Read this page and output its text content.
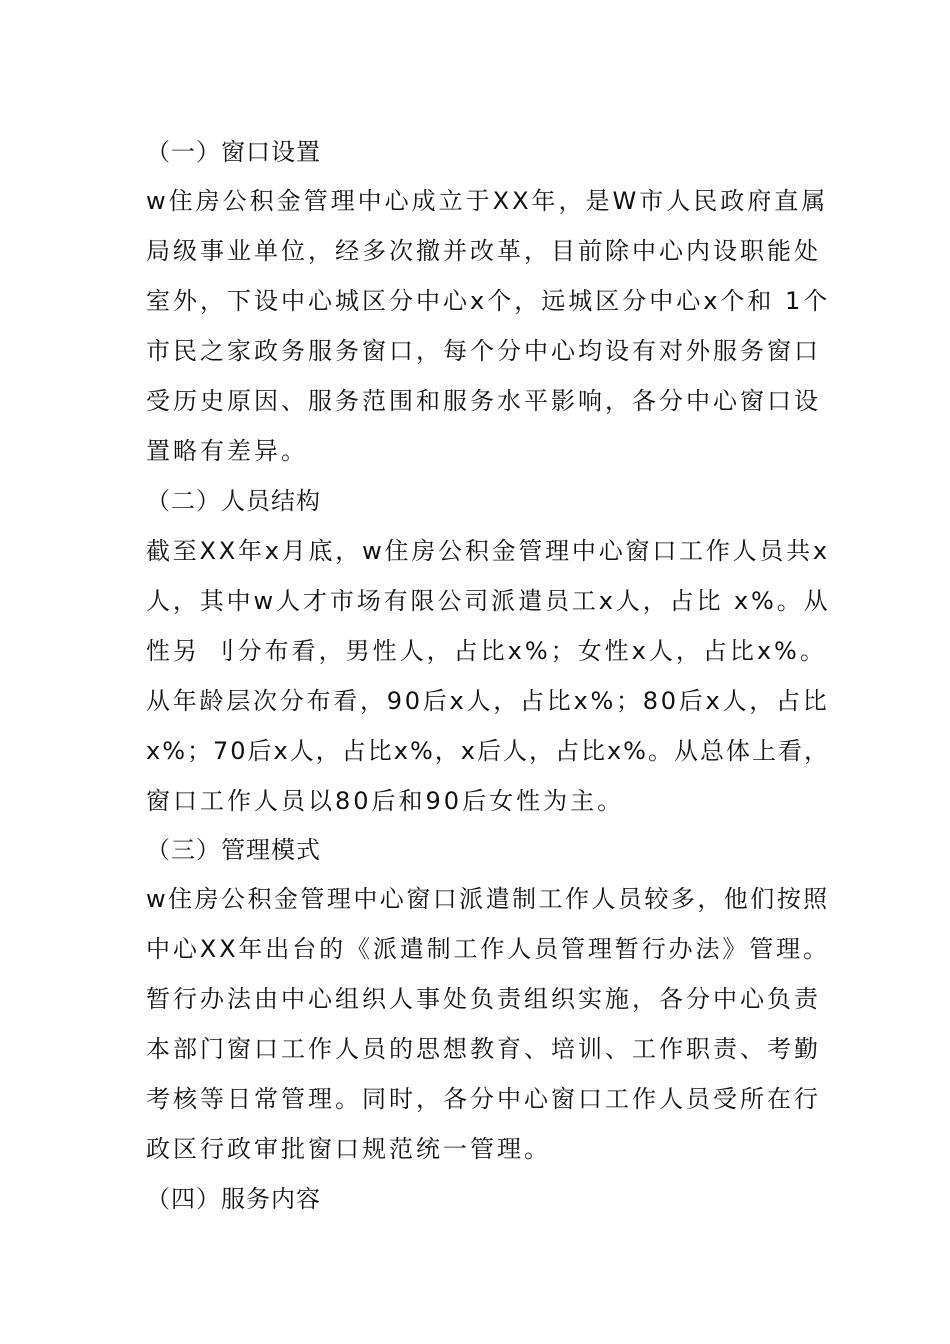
（一）窗口设置
w住房公积金管理中心成立于XX年，是W市人民政府直属
局级事业单位，经多次撤并改革，目前除中心内设职能处
室外，下设中心城区分中心x个，远城区分中心x个和 1个
市民之家政务服务窗口，每个分中心均设有对外服务窗口
受历史原因、服务范围和服务水平影响，各分中心窗口设
置略有差异。
（二）人员结构
截至XX年x月底，w住房公积金管理中心窗口工作人员共x
人，其中w人才市场有限公司派遣员工x人，占比 x%。从
性另 刂分布看，男性人，占比x%；女性x人，占比x%。
从年龄层次分布看，90后x人，占比x%；80后x人，占比
x%；70后x人，占比x%，x后人，占比x%。从总体上看，
窗口工作人员以80后和90后女性为主。
（三）管理模式
w住房公积金管理中心窗口派遣制工作人员较多，他们按照
中心XX年出台的《派遣制工作人员管理暂行办法》管理。
暂行办法由中心组织人事处负责组织实施，各分中心负责
本部门窗口工作人员的思想教育、培训、工作职责、考勤
考核等日常管理。同时，各分中心窗口工作人员受所在行
政区行政审批窗口规范统一管理。
（四）服务内容
